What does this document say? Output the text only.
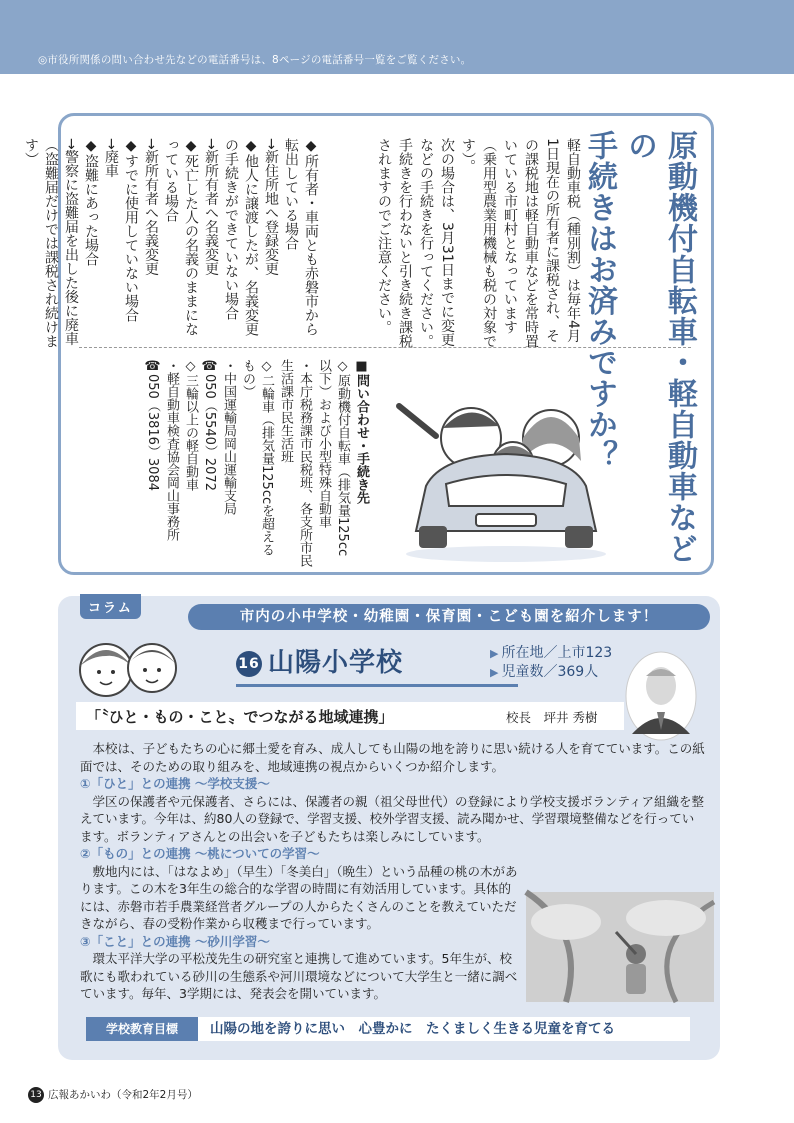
◎市役所関係の問い合わせ先などの電話番号は、8ページの電話番号一覧をご覧ください。
原動機付自転車・軽自動車などの
手続きはお済みですか？

軽自動車税（種別割）は毎年4月1日現在の所有者に課税され、その課税地は軽自動車などを常時置いている市町村となっています（乗用型農業用機械も税の対象です）。

次の場合は、3月31日までに変更などの手続きを行ってください。手続きを行わないと引き続き課税されますのでご注意ください。

◆所有者・車両とも赤磐市から転出している場合
→新住所地へ登録変更
◆他人に譲渡したが、名義変更の手続きができていない場合
→新所有者へ名義変更
◆死亡した人の名義のままになっている場合
→新所有者へ名義変更
◆すでに使用していない場合
→廃車
◆盗難にあった場合
→警察に盗難届を出した後に廃車（盗難届だけでは課税され続けます）
■問い合わせ・手続き先
◇原動機付自転車（排気量125cc以下）および小型特殊自動車
・本庁税務課市民税班、各支所市民生活課市民生活班
◇二輪車（排気量125ccを超えるもの）
・中国運輸局岡山運輸支局
☎050（5540）2072
◇三輪以上の軽自動車
・軽自動車検査協会岡山事務所
☎050（3816）3084
コラム
市内の小中学校・幼稚園・保育園・こども園を紹介します！
16 山陽小学校	▶ 所在地／上市123
▶ 児童数／369人
「〝ひと・もの・こと〟でつながる地域連携」	校長　坪井 秀樹

本校は、子どもたちの心に郷土愛を育み、成人しても山陽の地を誇りに思い続ける人を育てています。この紙面では、そのための取り組みを、地域連携の視点からいくつか紹介します。

①「ひと」との連携 〜学校支援〜

学区の保護者や元保護者、さらには、保護者の親（祖父母世代）の登録により学校支援ボランティア組織を整えています。今年は、約80人の登録で、学習支援、校外学習支援、読み聞かせ、学習環境整備などを行っています。ボランティアさんとの出会いを子どもたちは楽しみにしています。

②「もの」との連携 〜桃についての学習〜

敷地内には、「はなよめ」（早生）「冬美白」（晩生）という品種の桃の木があります。この木を3年生の総合的な学習の時間に有効活用しています。具体的には、赤磐市若手農業経営者グループの人からたくさんのことを教えていただきながら、春の受粉作業から収穫まで行っています。

③「こと」との連携 〜砂川学習〜

環太平洋大学の平松茂先生の研究室と連携して進めています。5年生が、校歌にも歌われている砂川の生態系や河川環境などについて大学生と一緒に調べています。毎年、3学期には、発表会を開いています。

学校教育目標	山陽の地を誇りに思い　心豊かに　たくましく生きる児童を育てる
13 広報あかいわ（令和2年2月号）
